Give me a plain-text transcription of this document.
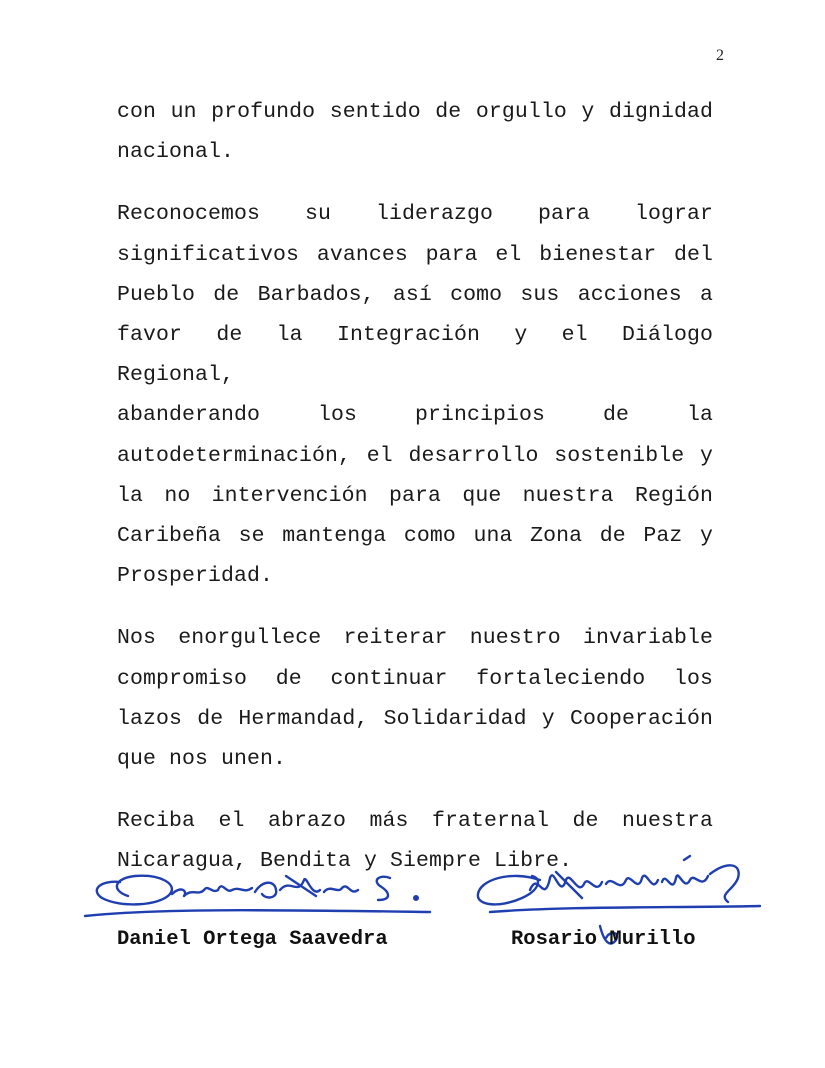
2

con un profundo sentido de orgullo y dignidad
nacional.

Reconocemos su liderazgo para lograr
significativos avances para el bienestar del
Pueblo de Barbados, así como sus acciones a
favor de la Integración y el Diálogo Regional,
abanderando los principios de la
autodeterminación, el desarrollo sostenible y
la no intervención para que nuestra Región
Caribeña se mantenga como una Zona de Paz y
Prosperidad.

Nos enorgullece reiterar nuestro invariable
compromiso de continuar fortaleciendo los
lazos de Hermandad, Solidaridad y Cooperación
que nos unen.

Reciba el abrazo más fraternal de nuestra
Nicaragua, Bendita y Siempre Libre.

Daniel Ortega Saavedra	Rosario Murillo
